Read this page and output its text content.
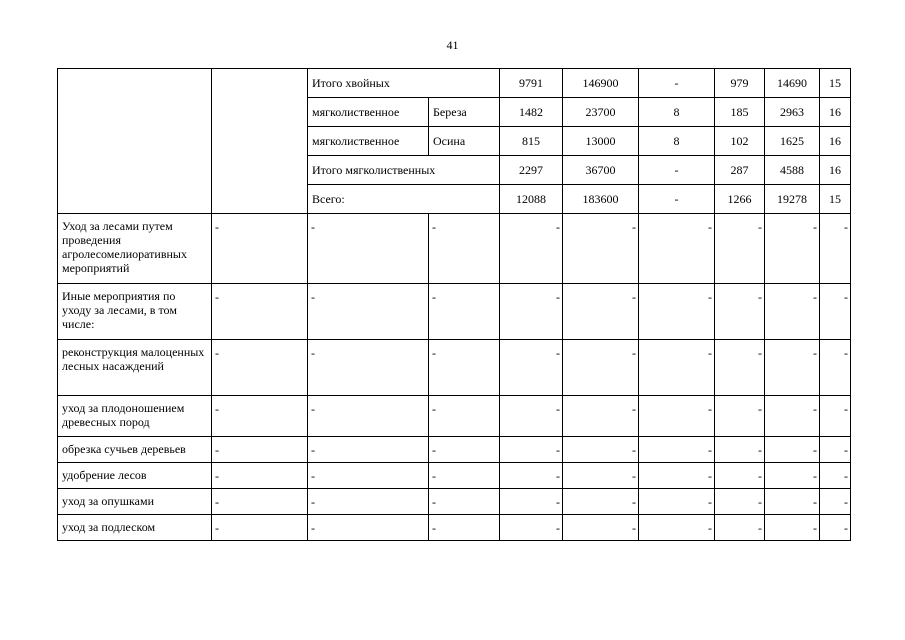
41
		Итого хвойных		9791	146900	-	979	14690	15
		мягколиственное	Береза	1482	23700	8	185	2963	16
		мягколиственное	Осина	815	13000	8	102	1625	16
		Итого мягколиственных		2297	36700	-	287	4588	16
		Всего:		12088	183600	-	1266	19278	15
Уход за лесами путем проведения агролесомелиоративных мероприятий	-	-	-	-	-	-	-	-	-
Иные мероприятия по уходу за лесами, в том числе:	-	-	-	-	-	-	-	-	-
реконструкция малоценных лесных насаждений	-	-	-	-	-	-	-	-	-
уход за плодоношением древесных пород	-	-	-	-	-	-	-	-	-
обрезка сучьев деревьев	-	-	-	-	-	-	-	-	-
удобрение лесов	-	-	-	-	-	-	-	-	-
уход за опушками	-	-	-	-	-	-	-	-	-
уход за подлеском	-	-	-	-	-	-	-	-	-
